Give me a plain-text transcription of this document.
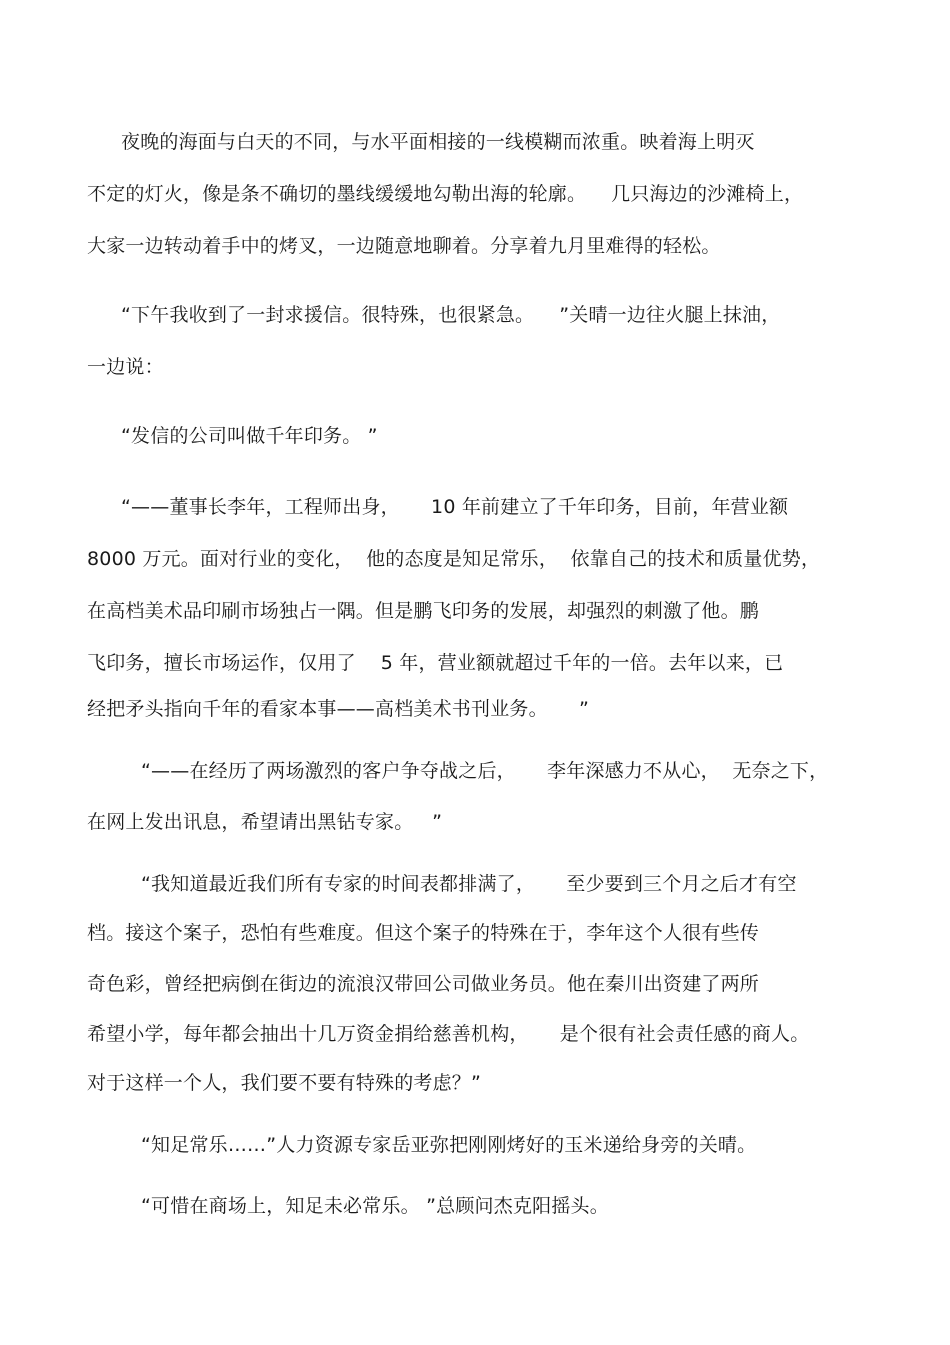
夜晚的海面与白天的不同，与水平面相接的一线模糊而浓重。映着海上明灭
不定的灯火，像是条不确切的墨线缓缓地勾勒出海的轮廓。    几只海边的沙滩椅上，
大家一边转动着手中的烤叉，一边随意地聊着。分享着九月里难得的轻松。
“下午我收到了一封求援信。很特殊，也很紧急。    ”关晴一边往火腿上抹油，
一边说：
“发信的公司叫做千年印务。 ”
“——董事长李年，工程师出身，     10 年前建立了千年印务，目前，年营业额
8000 万元。面对行业的变化，  他的态度是知足常乐，  依靠自己的技术和质量优势，
在高档美术品印刷市场独占一隅。但是鹏飞印务的发展，却强烈的刺激了他。鹏
飞印务，擅长市场运作，仅用了    5 年，营业额就超过千年的一倍。去年以来，已
经把矛头指向千年的看家本事——高档美术书刊业务。     ”
“——在经历了两场激烈的客户争夺战之后，     李年深感力不从心，  无奈之下，
在网上发出讯息，希望请出黑钻专家。   ”
“我知道最近我们所有专家的时间表都排满了，     至少要到三个月之后才有空
档。接这个案子，恐怕有些难度。但这个案子的特殊在于，李年这个人很有些传
奇色彩，曾经把病倒在街边的流浪汉带回公司做业务员。他在秦川出资建了两所
希望小学，每年都会抽出十几万资金捐给慈善机构，     是个很有社会责任感的商人。
对于这样一个人，我们要不要有特殊的考虑？”
“知足常乐……”人力资源专家岳亚弥把刚刚烤好的玉米递给身旁的关晴。
“可惜在商场上，知足未必常乐。 ”总顾问杰克阳摇头。
